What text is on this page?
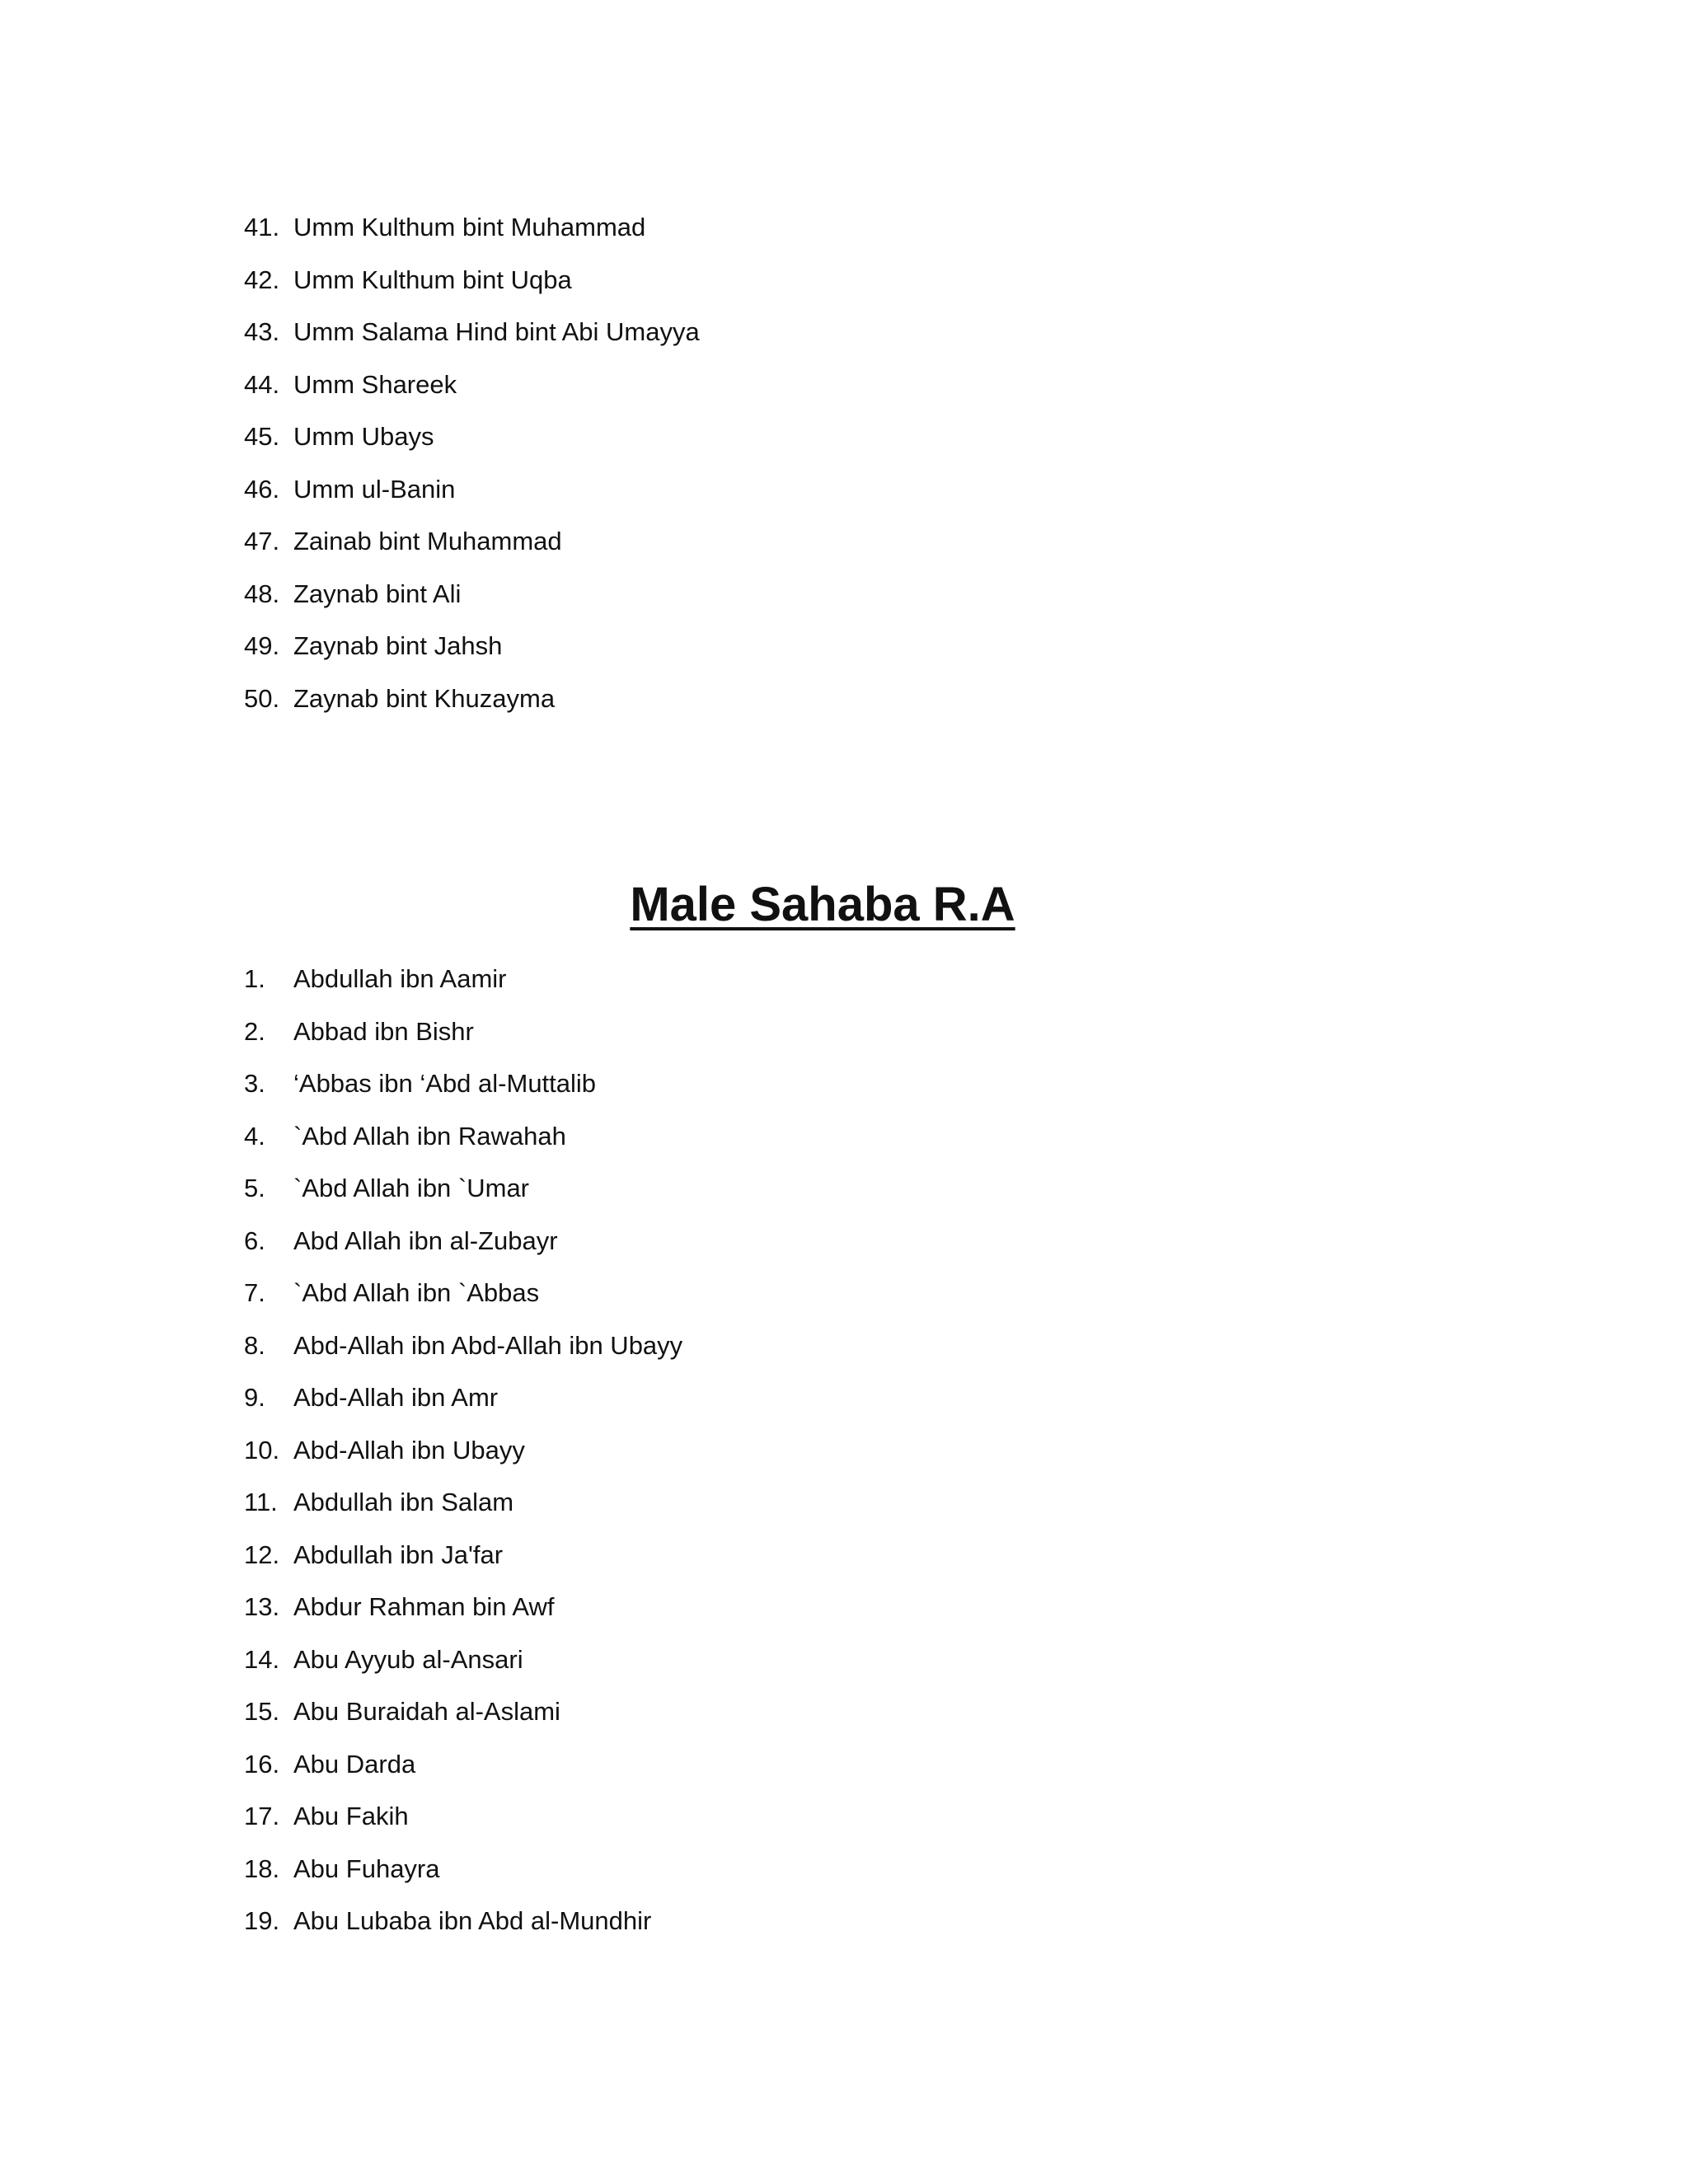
41. Umm Kulthum bint Muhammad
42. Umm Kulthum bint Uqba
43. Umm Salama Hind bint Abi Umayya
44. Umm Shareek
45. Umm Ubays
46. Umm ul-Banin
47. Zainab bint Muhammad
48. Zaynab bint Ali
49. Zaynab bint Jahsh
50. Zaynab bint Khuzayma
Male Sahaba R.A
1.	Abdullah ibn Aamir
2.	Abbad ibn Bishr
3.	‘Abbas ibn ‘Abd al-Muttalib
4.	`Abd Allah ibn Rawahah
5.	`Abd Allah ibn `Umar
6.	Abd Allah ibn al-Zubayr
7.	`Abd Allah ibn `Abbas
8.	Abd-Allah ibn Abd-Allah ibn Ubayy
9.	Abd-Allah ibn Amr
10. Abd-Allah ibn Ubayy
11. Abdullah ibn Salam
12. Abdullah ibn Ja'far
13. Abdur Rahman bin Awf
14. Abu Ayyub al-Ansari
15. Abu Buraidah al-Aslami
16. Abu Darda
17. Abu Fakih
18. Abu Fuhayra
19. Abu Lubaba ibn Abd al-Mundhir
